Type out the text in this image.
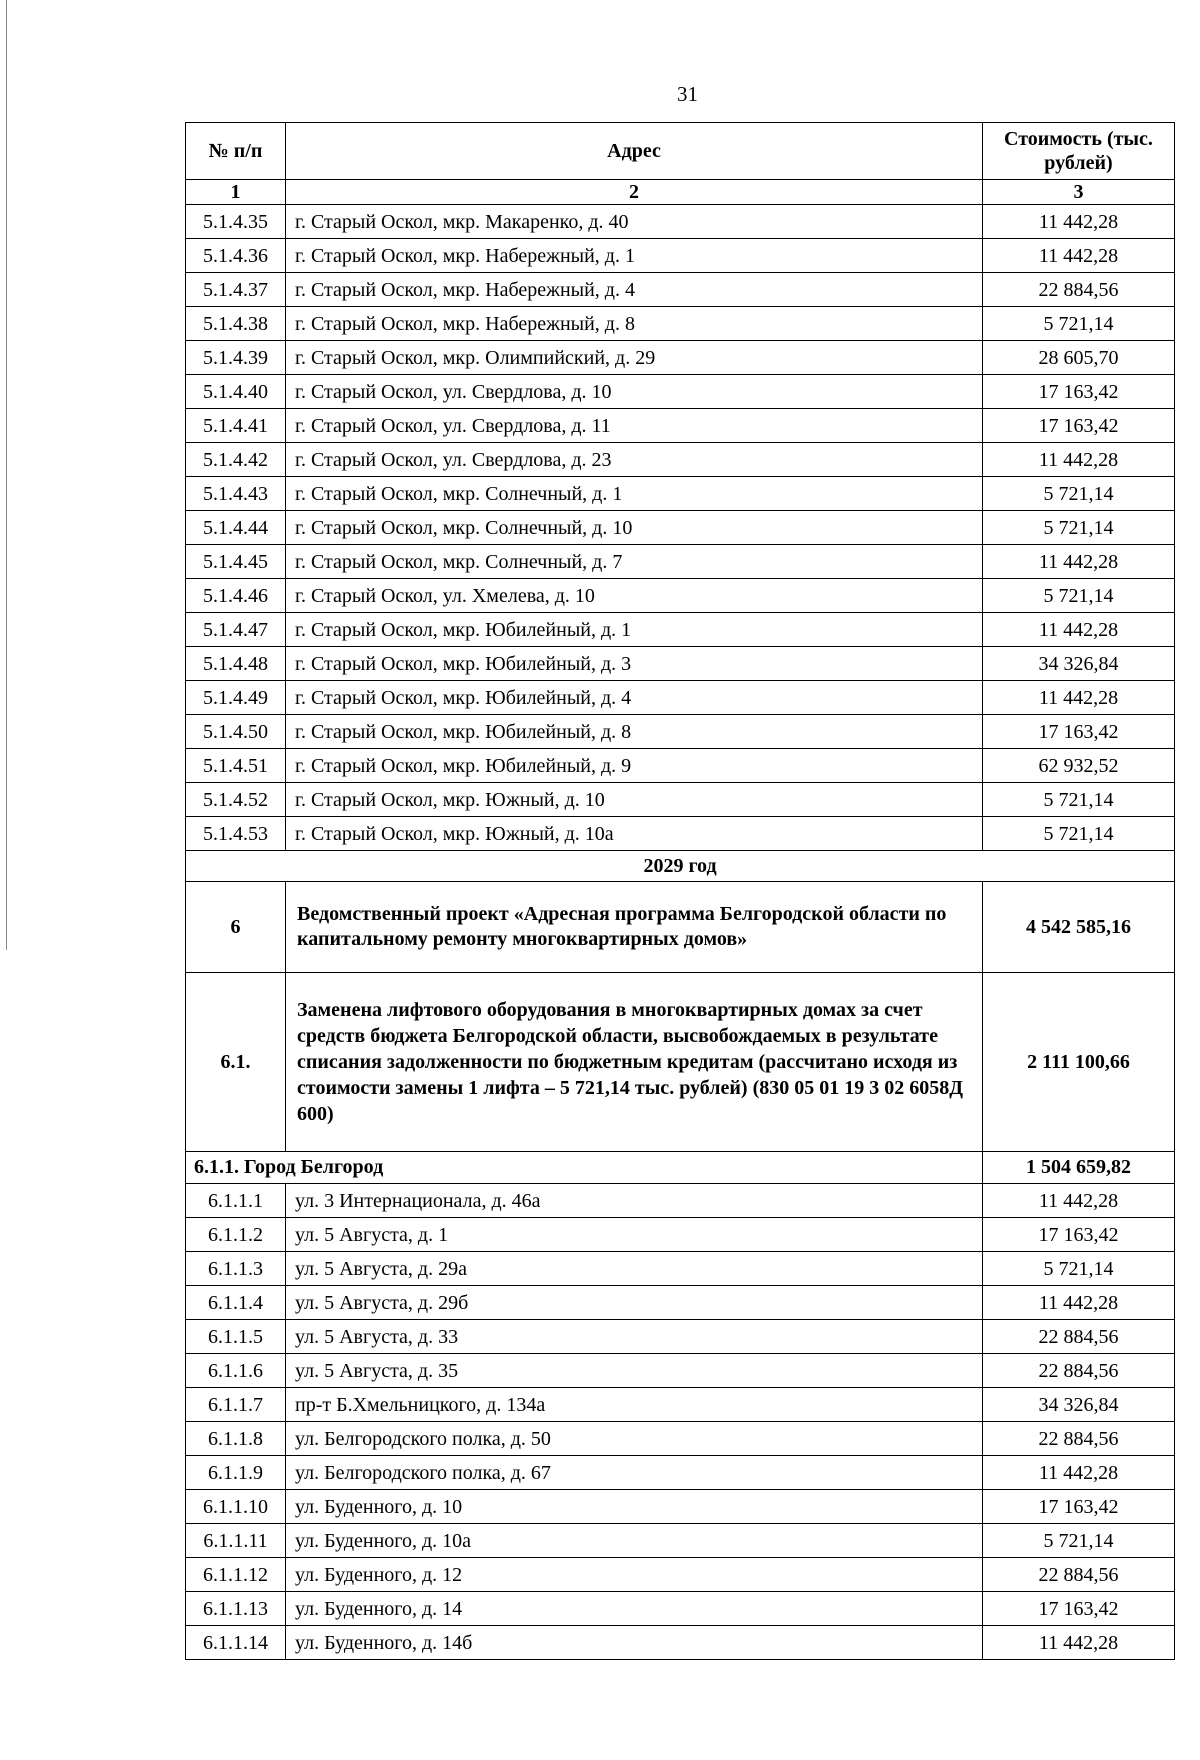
31
№ п/п	Адрес	Стоимость (тыс. рублей)
1	2	3
5.1.4.35	г. Старый Оскол, мкр. Макаренко, д. 40	11 442,28
5.1.4.36	г. Старый Оскол, мкр. Набережный, д. 1	11 442,28
5.1.4.37	г. Старый Оскол, мкр. Набережный, д. 4	22 884,56
5.1.4.38	г. Старый Оскол, мкр. Набережный, д. 8	5 721,14
5.1.4.39	г. Старый Оскол, мкр. Олимпийский, д. 29	28 605,70
5.1.4.40	г. Старый Оскол, ул. Свердлова, д. 10	17 163,42
5.1.4.41	г. Старый Оскол, ул. Свердлова, д. 11	17 163,42
5.1.4.42	г. Старый Оскол, ул. Свердлова, д. 23	11 442,28
5.1.4.43	г. Старый Оскол, мкр. Солнечный, д. 1	5 721,14
5.1.4.44	г. Старый Оскол, мкр. Солнечный, д. 10	5 721,14
5.1.4.45	г. Старый Оскол, мкр. Солнечный, д. 7	11 442,28
5.1.4.46	г. Старый Оскол, ул. Хмелева, д. 10	5 721,14
5.1.4.47	г. Старый Оскол, мкр. Юбилейный, д. 1	11 442,28
5.1.4.48	г. Старый Оскол, мкр. Юбилейный, д. 3	34 326,84
5.1.4.49	г. Старый Оскол, мкр. Юбилейный, д. 4	11 442,28
5.1.4.50	г. Старый Оскол, мкр. Юбилейный, д. 8	17 163,42
5.1.4.51	г. Старый Оскол, мкр. Юбилейный, д. 9	62 932,52
5.1.4.52	г. Старый Оскол, мкр. Южный, д. 10	5 721,14
5.1.4.53	г. Старый Оскол, мкр. Южный, д. 10а	5 721,14
2029 год		
6	Ведомственный проект «Адресная программа Белгородской области по капитальному ремонту многоквартирных домов»	4 542 585,16
6.1.	Заменена лифтового оборудования в многоквартирных домах за счет средств бюджета Белгородской области, высвобождаемых в результате списания задолженности по бюджетным кредитам (рассчитано исходя из стоимости замены 1 лифта – 5 721,14 тыс. рублей) (830 05 01 19 3 02 6058Д 600)	2 111 100,66
6.1.1. Город Белгород		1 504 659,82
6.1.1.1	ул. 3 Интернационала, д. 46а	11 442,28
6.1.1.2	ул. 5 Августа, д. 1	17 163,42
6.1.1.3	ул. 5 Августа, д. 29а	5 721,14
6.1.1.4	ул. 5 Августа, д. 29б	11 442,28
6.1.1.5	ул. 5 Августа, д. 33	22 884,56
6.1.1.6	ул. 5 Августа, д. 35	22 884,56
6.1.1.7	пр-т Б.Хмельницкого, д. 134а	34 326,84
6.1.1.8	ул. Белгородского полка, д. 50	22 884,56
6.1.1.9	ул. Белгородского полка, д. 67	11 442,28
6.1.1.10	ул. Буденного, д. 10	17 163,42
6.1.1.11	ул. Буденного, д. 10а	5 721,14
6.1.1.12	ул. Буденного, д. 12	22 884,56
6.1.1.13	ул. Буденного, д. 14	17 163,42
6.1.1.14	ул. Буденного, д. 14б	11 442,28
